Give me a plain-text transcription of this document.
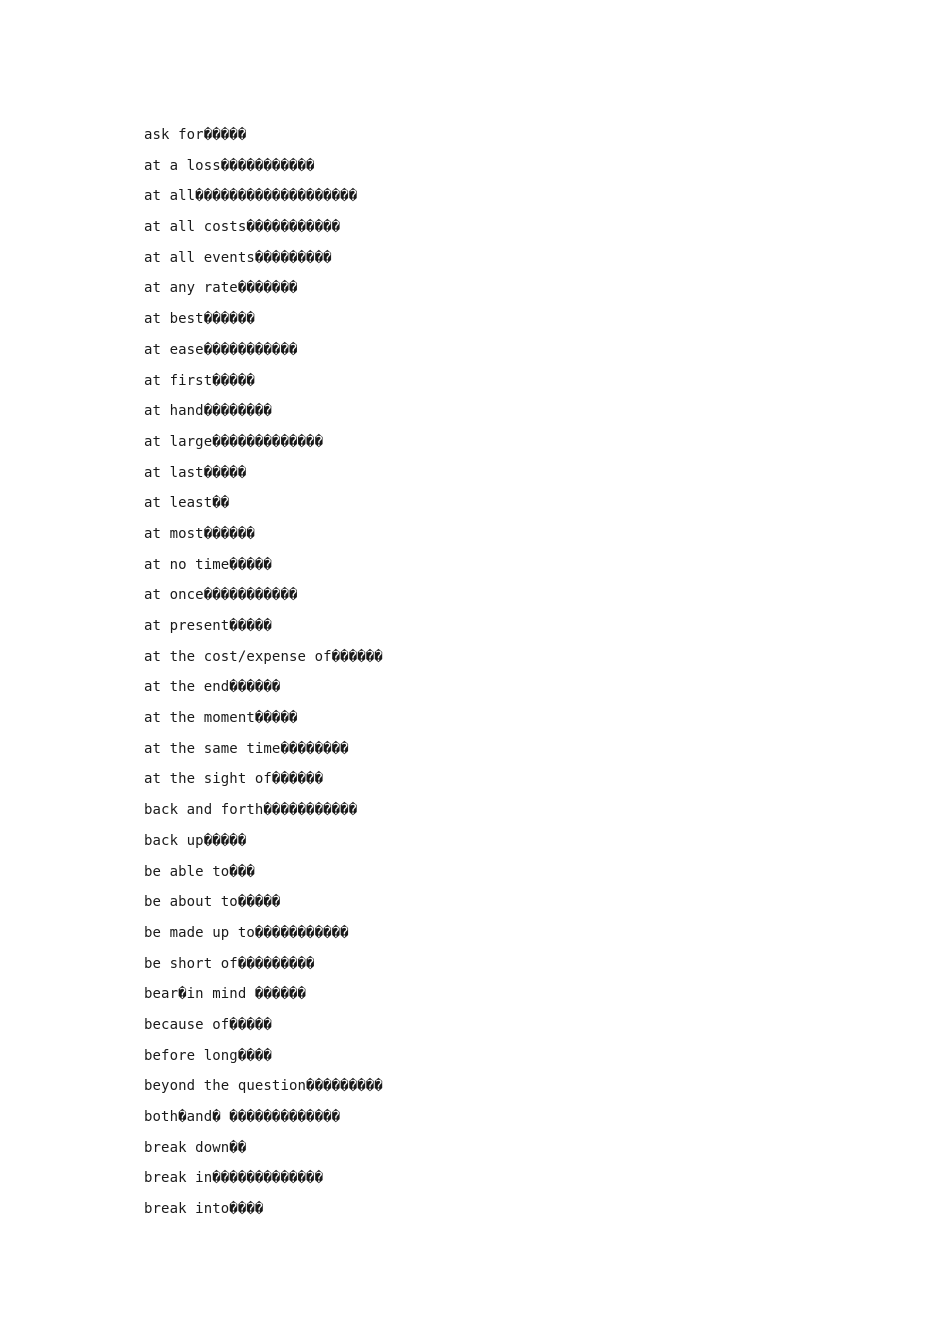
ask for�����
at a loss�����������
at all�������������������
at all costs�����������
at all events���������
at any rate�������
at best������
at ease�����������
at first�����
at hand��������
at large�������������
at last�����
at least��
at most������
at no time�����
at once�����������
at present�����
at the cost/expense of������
at the end������
at the moment�����
at the same time��������
at the sight of������
back and forth�����������
back up�����
be able to���
be about to�����
be made up to�����������
be short of���������
bear�in mind ������
because of�����
before long����
beyond the question���������
both�and� �������������
break down��
break in�������������
break into����
